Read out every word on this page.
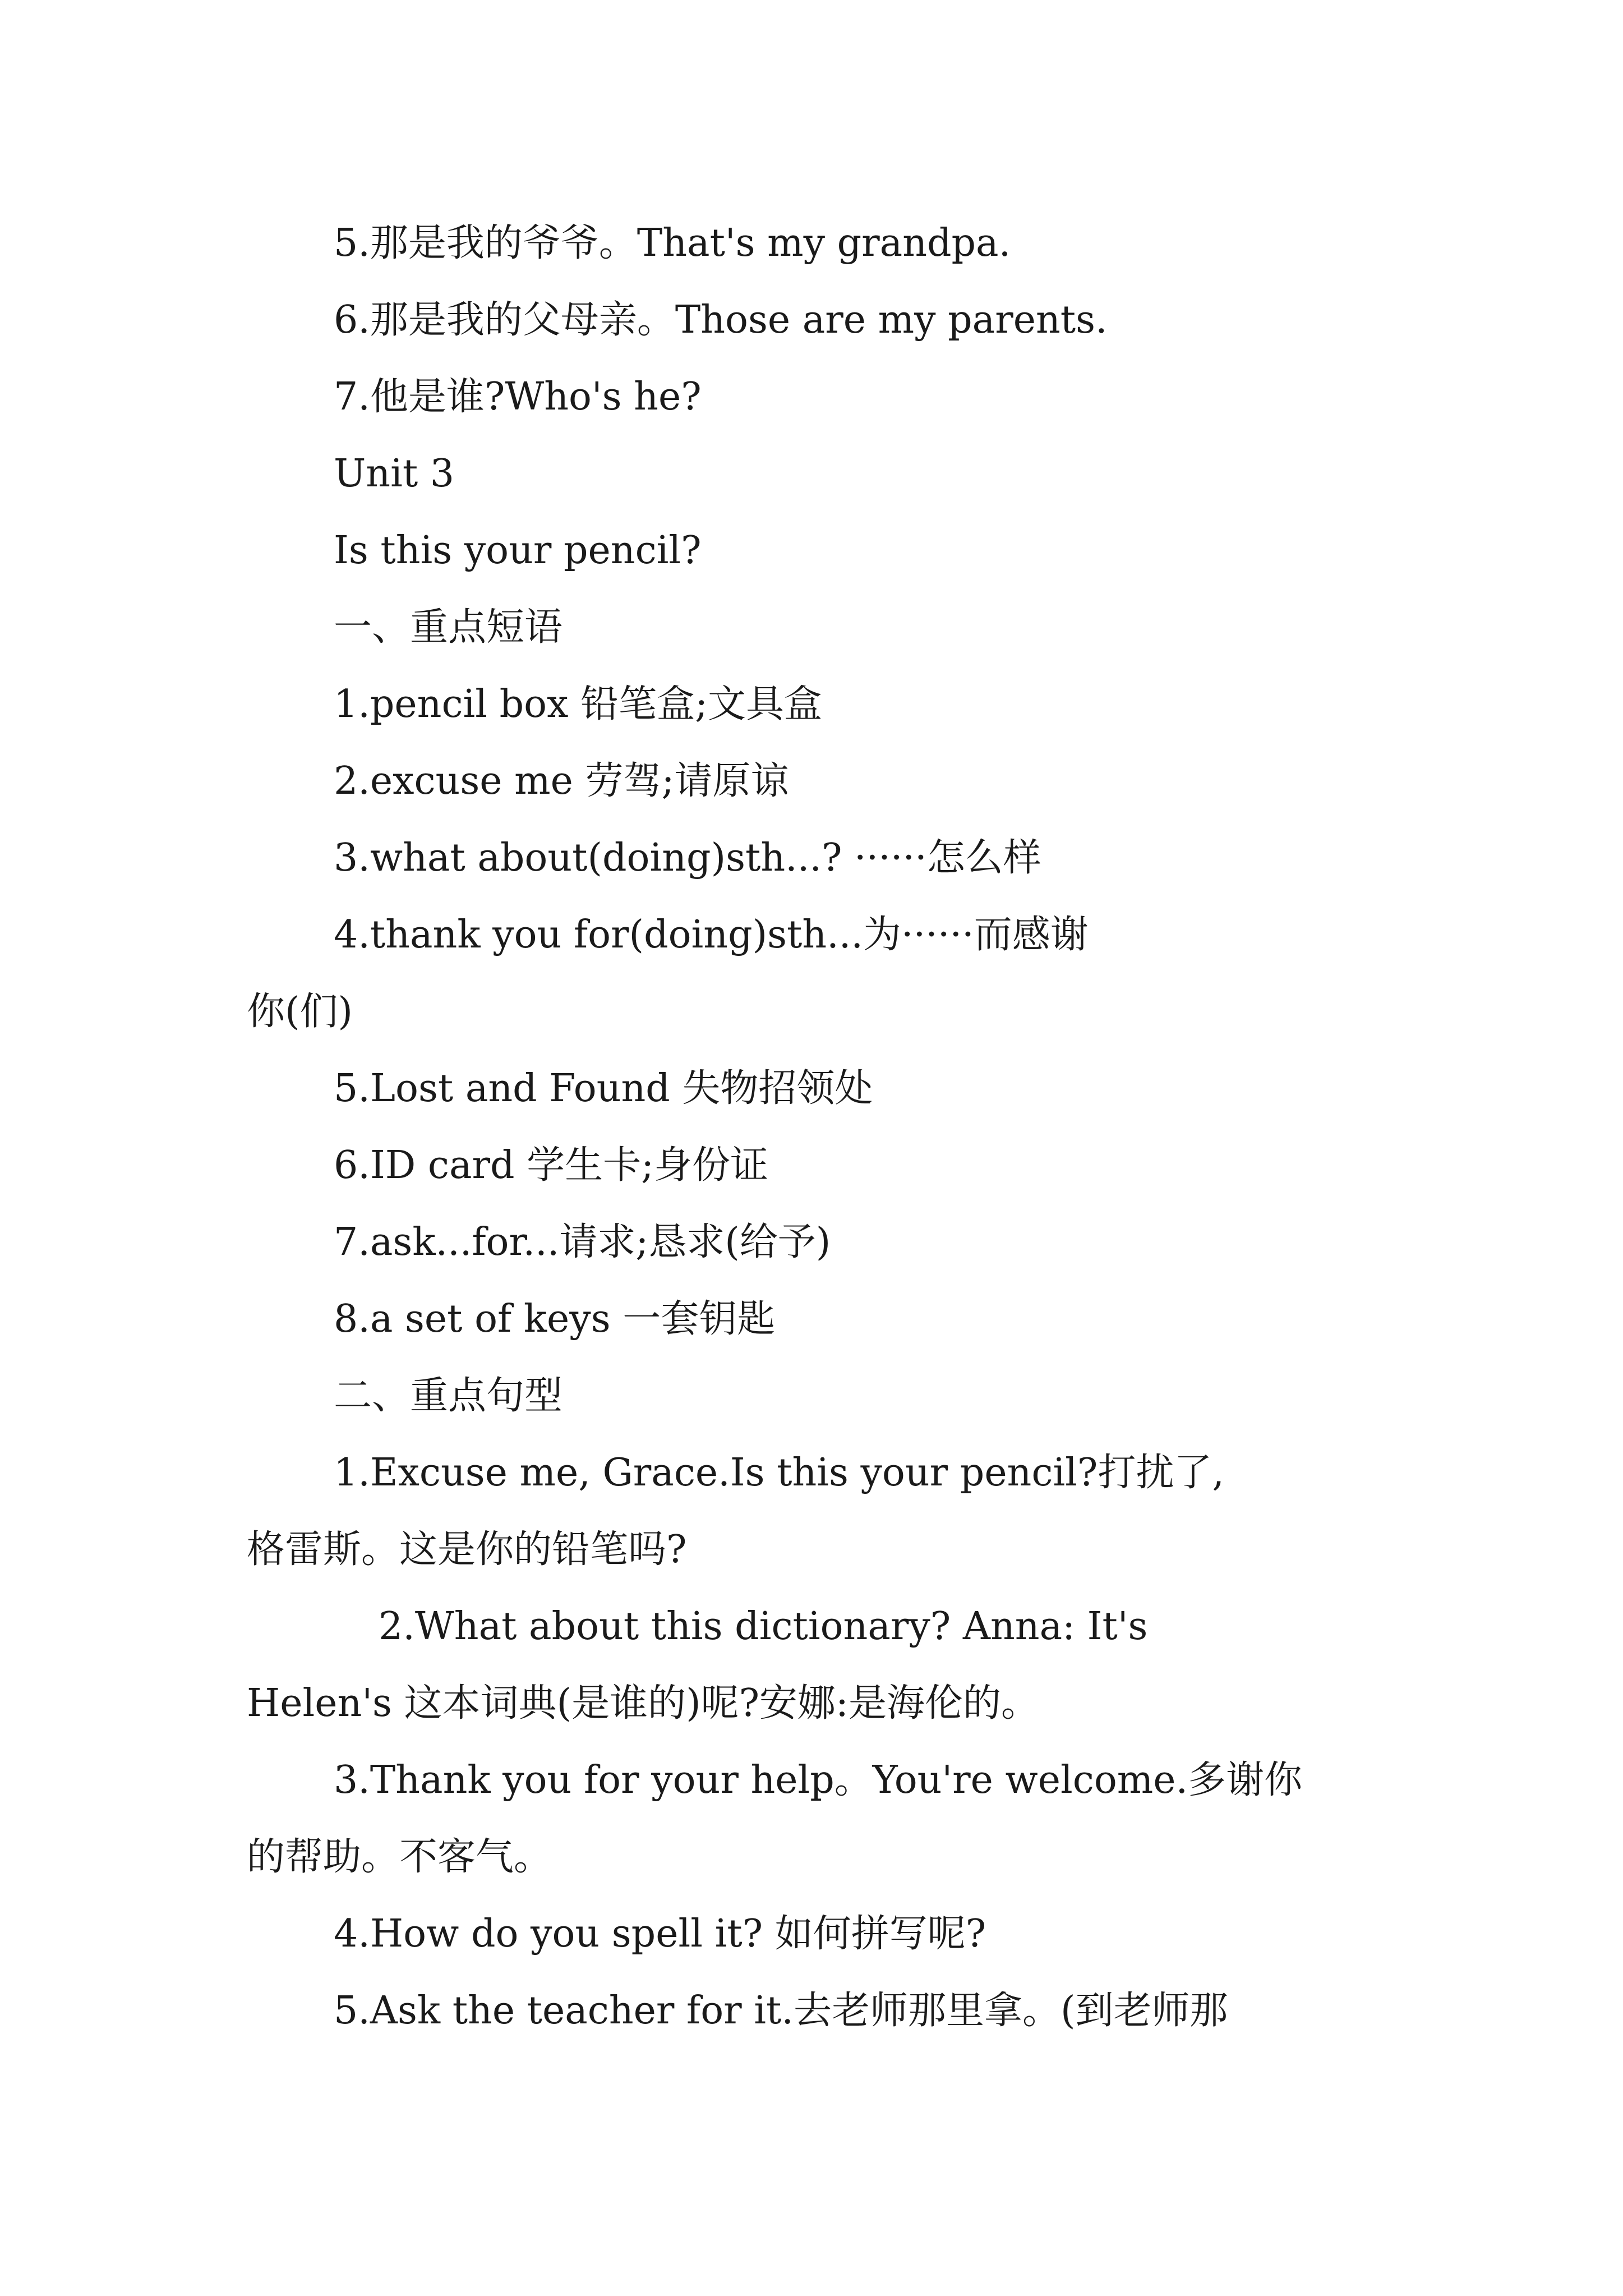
5.那是我的爷爷。That's my grandpa.
6.那是我的父母亲。Those are my parents.
7.他是谁?Who's he?
Unit 3
Is this your pencil?
一、重点短语
1.pencil box 铅笔盒;文具盒
2.excuse me 劳驾;请原谅
3.what about(doing)sth...? ······怎么样
4.thank you for(doing)sth...为······而感谢
你(们)
5.Lost and Found 失物招领处
6.ID card 学生卡;身份证
7.ask...for...请求;恳求(给予)
8.a set of keys 一套钥匙
二、重点句型
1.Excuse me, Grace.Is this your pencil?打扰了,
格雷斯。这是你的铅笔吗?
2.What about this dictionary? Anna: It's
Helen's 这本词典(是谁的)呢?安娜:是海伦的。
3.Thank you for your help。You're welcome.多谢你
的帮助。不客气。
4.How do you spell it? 如何拼写呢?
5.Ask the teacher for it.去老师那里拿。(到老师那
